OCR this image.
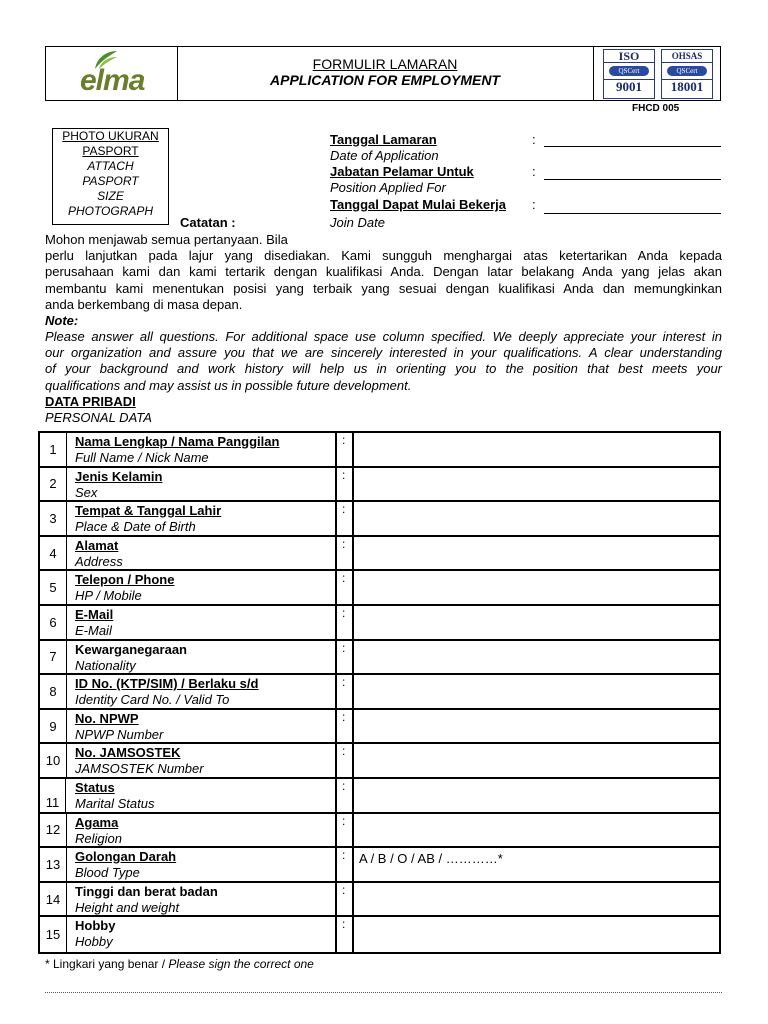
elma	FORMULIR LAMARAN
APPLICATION FOR EMPLOYMENT
ISO
QSCert
9001
OHSAS
QSCert
18001
FHCD 005
PHOTO UKURAN
PASPORT
ATTACH
PASPORT
SIZE
PHOTOGRAPH
Catatan :
Tanggal Lamaran
Date of Application
:
Jabatan Pelamar Untuk
Position Applied For
:
Tanggal Dapat Mulai Bekerja
Join Date
:
Mohon menjawab semua pertanyaan. Bila
perlu lanjutkan pada lajur yang disediakan. Kami sungguh menghargai atas ketertarikan Anda kepada
perusahaan kami dan kami tertarik dengan kualifikasi Anda. Dengan latar belakang Anda yang jelas akan
membantu kami menentukan posisi yang terbaik yang sesuai dengan kualifikasi Anda dan memungkinkan
anda berkembang di masa depan.
Note:
Please answer all questions. For additional space use column specified. We deeply appreciate your interest in
our organization and assure you that we are sincerely interested in your qualifications. A clear understanding
of your background and work history will help us in orienting you to the position that best meets your
qualifications and may assist us in possible future development.
DATA PRIBADI
PERSONAL DATA
1
Nama Lengkap / Nama Panggilan
Full Name / Nick Name
:
2
Jenis Kelamin
Sex
:
3
Tempat & Tanggal Lahir
Place & Date of Birth
:
4
Alamat
Address
:
5
Telepon / Phone
HP / Mobile
:
6
E-Mail
E-Mail
:
7
Kewarganegaraan
Nationality
:
8
ID No. (KTP/SIM) / Berlaku s/d
Identity Card No. / Valid To
:
9
No. NPWP
NPWP Number
:
10
No. JAMSOSTEK
JAMSOSTEK Number
:
11
Status
Marital Status
:
12
Agama
Religion
:
13
Golongan Darah
Blood Type
: A / B / O / AB / …………*
14
Tinggi dan berat badan
Height and weight
:
15
Hobby
Hobby
:
* Lingkari yang benar / Please sign the correct one
